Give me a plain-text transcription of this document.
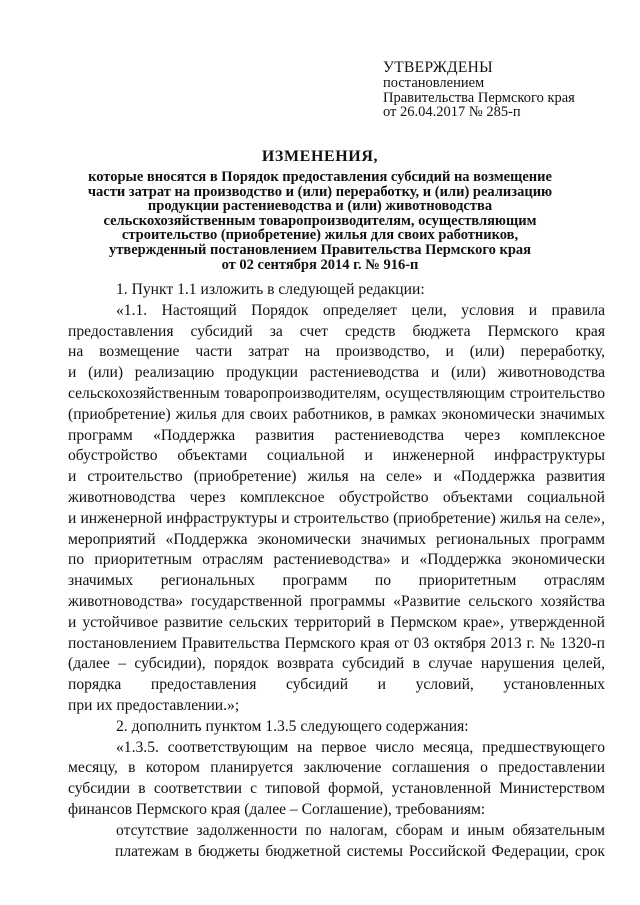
УТВЕРЖДЕНЫ
постановлением
Правительства Пермского края
от 26.04.2017 № 285-п
ИЗМЕНЕНИЯ,
которые вносятся в Порядок предоставления субсидий на возмещение
части затрат на производство и (или) переработку, и (или) реализацию
продукции растениеводства и (или) животноводства
сельскохозяйственным товаропроизводителям, осуществляющим
строительство (приобретение) жилья для своих работников,
утвержденный постановлением Правительства Пермского края
от 02 сентября 2014 г. № 916-п
1. Пункт 1.1 изложить в следующей редакции:
«1.1. Настоящий Порядок определяет цели, условия и правила
предоставления субсидий за счет средств бюджета Пермского края
на возмещение части затрат на производство, и (или) переработку,
и (или) реализацию продукции растениеводства и (или) животноводства
сельскохозяйственным товаропроизводителям, осуществляющим строительство
(приобретение) жилья для своих работников, в рамках экономически значимых
программ «Поддержка развития растениеводства через комплексное
обустройство объектами социальной и инженерной инфраструктуры
и строительство (приобретение) жилья на селе» и «Поддержка развития
животноводства через комплексное обустройство объектами социальной
и инженерной инфраструктуры и строительство (приобретение) жилья на селе»,
мероприятий «Поддержка экономически значимых региональных программ
по приоритетным отраслям растениеводства» и «Поддержка экономически
значимых региональных программ по приоритетным отраслям
животноводства» государственной программы «Развитие сельского хозяйства
и устойчивое развитие сельских территорий в Пермском крае», утвержденной
постановлением Правительства Пермского края от 03 октября 2013 г. № 1320-п
(далее – субсидии), порядок возврата субсидий в случае нарушения целей,
порядка предоставления субсидий и условий, установленных
при их предоставлении.»;
2. дополнить пунктом 1.3.5 следующего содержания:
«1.3.5. соответствующим на первое число месяца, предшествующего
месяцу, в котором планируется заключение соглашения о предоставлении
субсидии в соответствии с типовой формой, установленной Министерством
финансов Пермского края (далее – Соглашение), требованиям:
отсутствие задолженности по налогам, сборам и иным обязательным
платежам в бюджеты бюджетной системы Российской Федерации, срок
